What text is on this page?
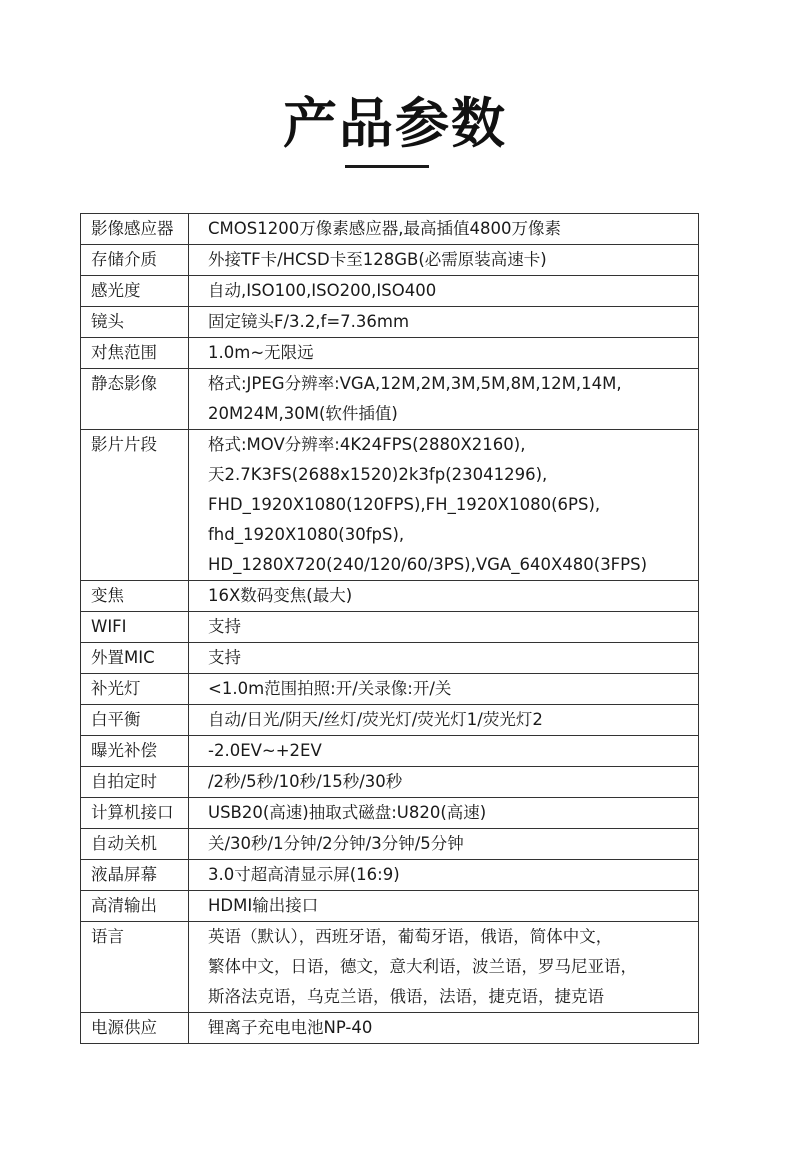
产品参数
影像感应器	CMOS1200万像素感应器,最高插值4800万像素

存储介质	外接TF卡/HCSD卡至128GB(必需原装高速卡)

感光度	自动,ISO100,ISO200,ISO400

镜头	固定镜头F/3.2,f=7.36mm

对焦范围	1.0m~无限远

静态影像	格式:JPEG分辨率:VGA,12M,2M,3M,5M,8M,12M,14M,
20M24M,30M(软件插值)

影片片段	格式:MOV分辨率:4K24FPS(2880X2160),
天2.7K3FS(2688x1520)2k3fp(23041296),
FHD_1920X1080(120FPS),FH_1920X1080(6PS),
fhd_1920X1080(30fpS),
HD_1280X720(240/120/60/3PS),VGA_640X480(3FPS)

变焦	16X数码变焦(最大)

WIFI	支持

外置MIC	支持

补光灯	<1.0m范围拍照:开/关录像:开/关

白平衡	自动/日光/阴天/丝灯/荧光灯/荧光灯1/荧光灯2

曝光补偿	-2.0EV~+2EV

自拍定时	/2秒/5秒/10秒/15秒/30秒

计算机接口	USB20(高速)抽取式磁盘:U820(高速)

自动关机	关/30秒/1分钟/2分钟/3分钟/5分钟

液晶屏幕	3.0寸超高清显示屏(16:9)

高清输出	HDMI输出接口

语言	英语（默认），西班牙语，葡萄牙语，俄语，简体中文，
繁体中文，日语，德文，意大利语，波兰语，罗马尼亚语，
斯洛法克语，乌克兰语，俄语，法语，捷克语，捷克语

电源供应	锂离子充电电池NP-40
